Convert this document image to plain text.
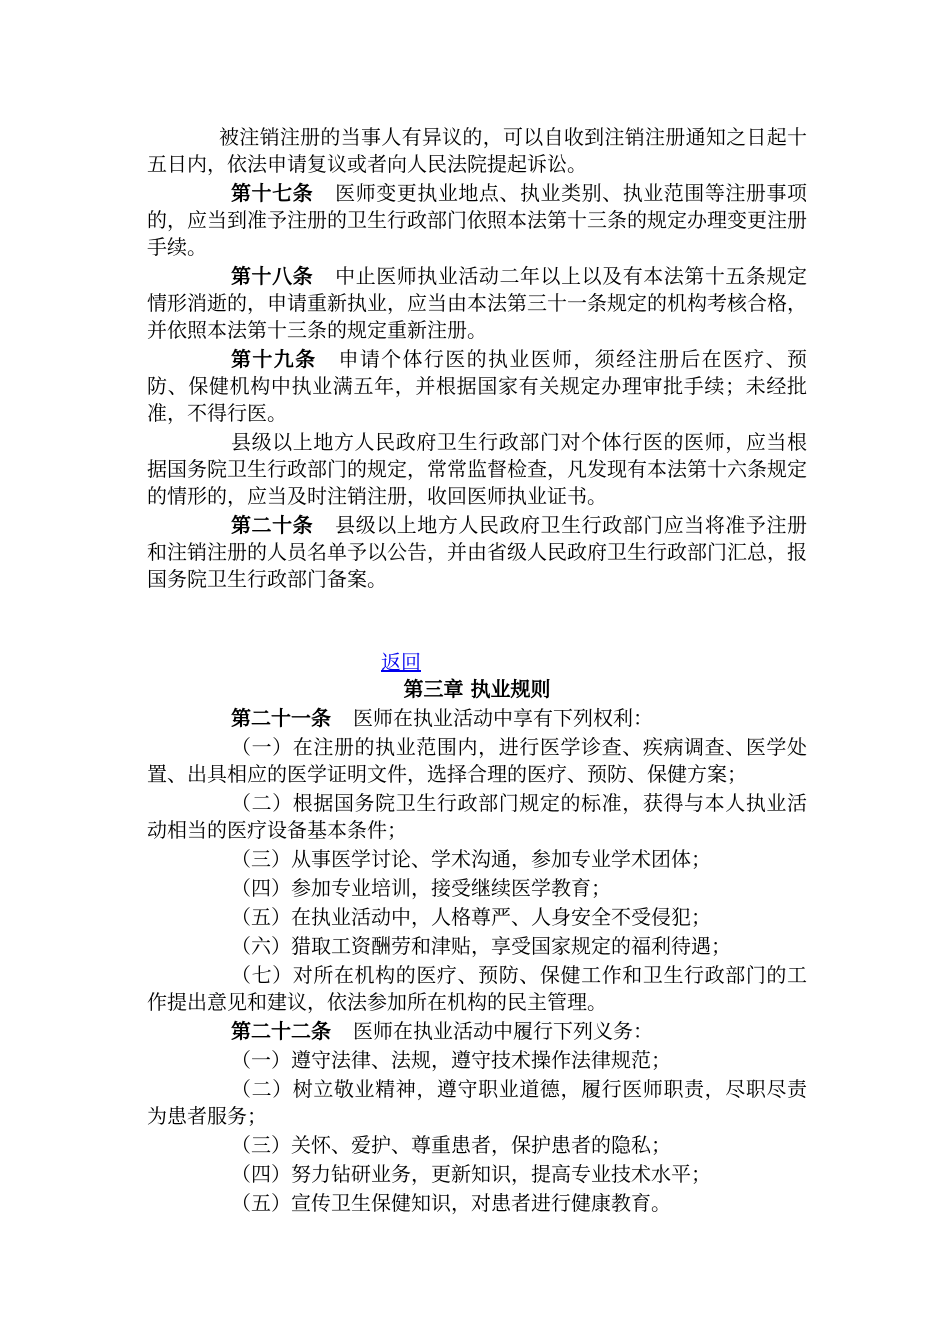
被注销注册的当事人有异议的，可以自收到注销注册通知之日起十五日内，依法申请复议或者向人民法院提起诉讼。

第十七条 医师变更执业地点、执业类别、执业范围等注册事项的，应当到准予注册的卫生行政部门依照本法第十三条的规定办理变更注册手续。

第十八条 中止医师执业活动二年以上以及有本法第十五条规定情形消逝的，申请重新执业，应当由本法第三十一条规定的机构考核合格，并依照本法第十三条的规定重新注册。

第十九条 申请个体行医的执业医师，须经注册后在医疗、预防、保健机构中执业满五年，并根据国家有关规定办理审批手续；未经批准，不得行医。

县级以上地方人民政府卫生行政部门对个体行医的医师，应当根据国务院卫生行政部门的规定，常常监督检查，凡发现有本法第十六条规定的情形的，应当及时注销注册，收回医师执业证书。

第二十条 县级以上地方人民政府卫生行政部门应当将准予注册和注销注册的人员名单予以公告，并由省级人民政府卫生行政部门汇总，报国务院卫生行政部门备案。

返回

第三章 执业规则

第二十一条 医师在执业活动中享有下列权利：

（一）在注册的执业范围内，进行医学诊查、疾病调查、医学处置、出具相应的医学证明文件，选择合理的医疗、预防、保健方案；

（二）根据国务院卫生行政部门规定的标准，获得与本人执业活动相当的医疗设备基本条件；

（三）从事医学讨论、学术沟通，参加专业学术团体；

（四）参加专业培训，接受继续医学教育；

（五）在执业活动中，人格尊严、人身安全不受侵犯；

（六）猎取工资酬劳和津贴，享受国家规定的福利待遇；

（七）对所在机构的医疗、预防、保健工作和卫生行政部门的工作提出意见和建议，依法参加所在机构的民主管理。

第二十二条 医师在执业活动中履行下列义务：

（一）遵守法律、法规，遵守技术操作法律规范；

（二）树立敬业精神，遵守职业道德，履行医师职责，尽职尽责为患者服务；

（三）关怀、爱护、尊重患者，保护患者的隐私；

（四）努力钻研业务，更新知识，提高专业技术水平；

（五）宣传卫生保健知识，对患者进行健康教育。
